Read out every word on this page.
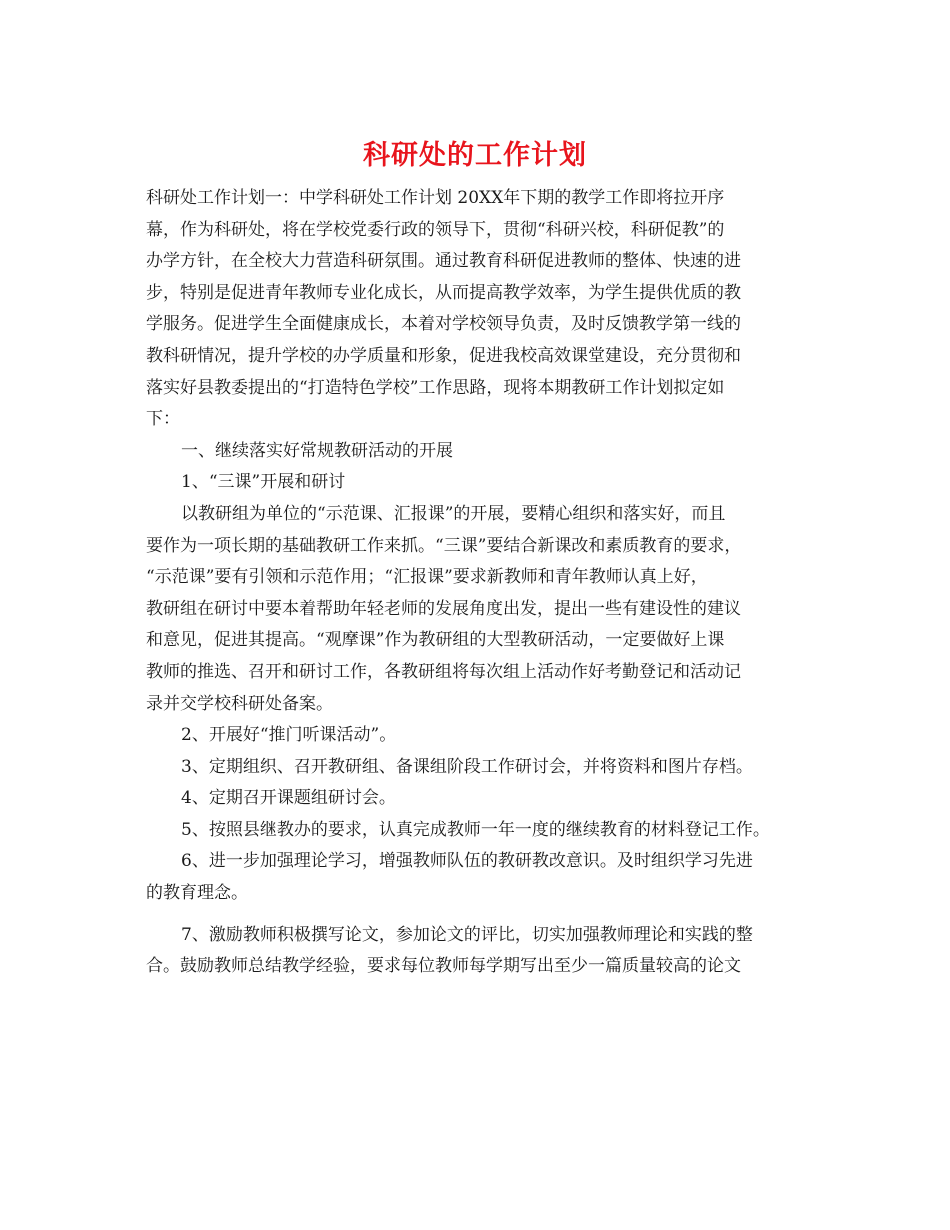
科研处的工作计划
科研处工作计划一：中学科研处工作计划 20XX年下期的教学工作即将拉开序
幕，作为科研处，将在学校党委行政的领导下，贯彻“科研兴校，科研促教”的
办学方针，在全校大力营造科研氛围。通过教育科研促进教师的整体、快速的进
步，特别是促进青年教师专业化成长，从而提高教学效率，为学生提供优质的教
学服务。促进学生全面健康成长，本着对学校领导负责，及时反馈教学第一线的
教科研情况，提升学校的办学质量和形象，促进我校高效课堂建设，充分贯彻和
落实好县教委提出的“打造特色学校”工作思路，现将本期教研工作计划拟定如
下：
一、继续落实好常规教研活动的开展
1、“三课”开展和研讨
以教研组为单位的“示范课、汇报课”的开展，要精心组织和落实好，而且
要作为一项长期的基础教研工作来抓。“三课”要结合新课改和素质教育的要求，
“示范课”要有引领和示范作用；“汇报课”要求新教师和青年教师认真上好，
教研组在研讨中要本着帮助年轻老师的发展角度出发，提出一些有建设性的建议
和意见，促进其提高。“观摩课”作为教研组的大型教研活动，一定要做好上课
教师的推选、召开和研讨工作，各教研组将每次组上活动作好考勤登记和活动记
录并交学校科研处备案。
2、开展好“推门听课活动”。
3、定期组织、召开教研组、备课组阶段工作研讨会，并将资料和图片存档。
4、定期召开课题组研讨会。
5、按照县继教办的要求，认真完成教师一年一度的继续教育的材料登记工作。
6、进一步加强理论学习，增强教师队伍的教研教改意识。及时组织学习先进
的教育理念。
7、激励教师积极撰写论文，参加论文的评比，切实加强教师理论和实践的整
合。鼓励教师总结教学经验，要求每位教师每学期写出至少一篇质量较高的论文
